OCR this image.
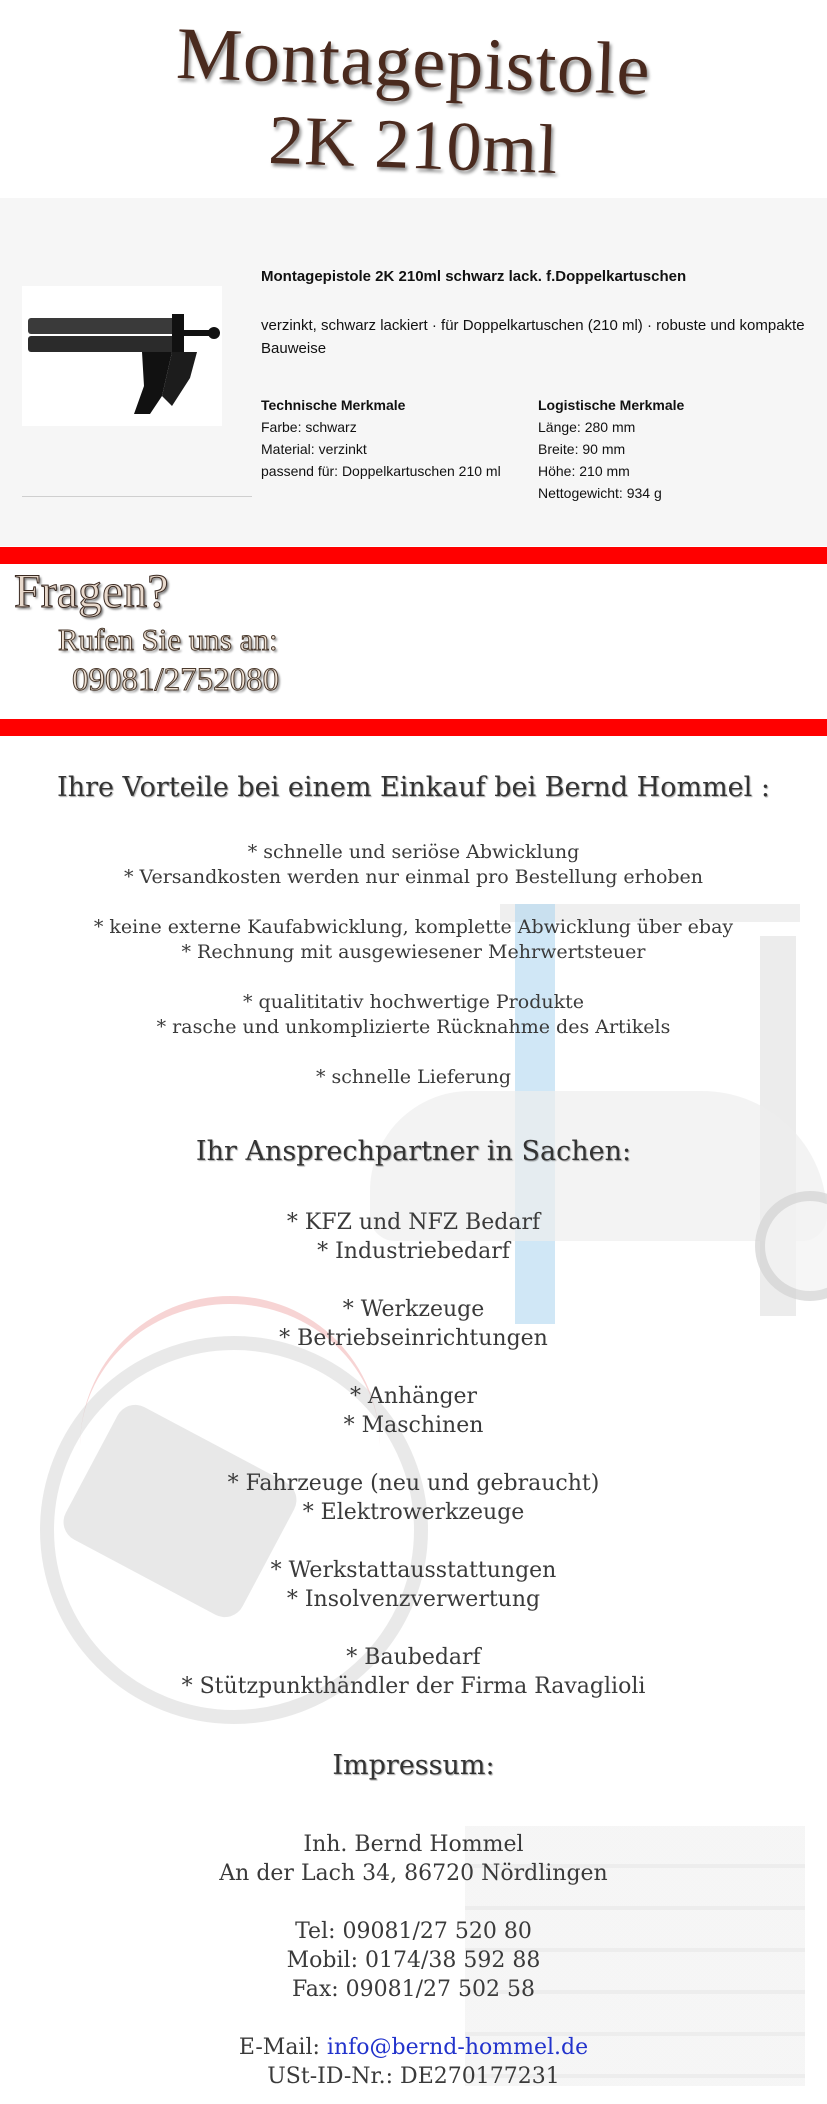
Montagepistole
2K 210ml
Montagepistole 2K 210ml schwarz lack. f.Doppelkartuschen
verzinkt, schwarz lackiert · für Doppelkartuschen (210 ml) · robuste und kompakte Bauweise
Technische Merkmale
Farbe: schwarz
Material: verzinkt
passend für: Doppelkartuschen 210 ml
Logistische Merkmale
Länge: 280 mm
Breite: 90 mm
Höhe: 210 mm
Nettogewicht: 934 g
Fragen?
Rufen Sie uns an:
09081/2752080
Ihre Vorteile bei einem Einkauf bei Bernd Hommel :
* schnelle und seriöse Abwicklung
* Versandkosten werden nur einmal pro Bestellung erhoben
* keine externe Kaufabwicklung, komplette Abwicklung über ebay
* Rechnung mit ausgewiesener Mehrwertsteuer
* qualititativ hochwertige Produkte
* rasche und unkomplizierte Rücknahme des Artikels
* schnelle Lieferung
Ihr Ansprechpartner in Sachen:
* KFZ und NFZ Bedarf
* Industriebedarf
* Werkzeuge
* Betriebseinrichtungen
* Anhänger
* Maschinen
* Fahrzeuge (neu und gebraucht)
* Elektrowerkzeuge
* Werkstattausstattungen
* Insolvenzverwertung
* Baubedarf
* Stützpunkthändler der Firma Ravaglioli
Impressum:
Inh. Bernd Hommel
An der Lach 34, 86720 Nördlingen
Tel: 09081/27 520 80
Mobil: 0174/38 592 88
Fax: 09081/27 502 58
E-Mail: info@bernd-hommel.de
USt-ID-Nr.: DE270177231
